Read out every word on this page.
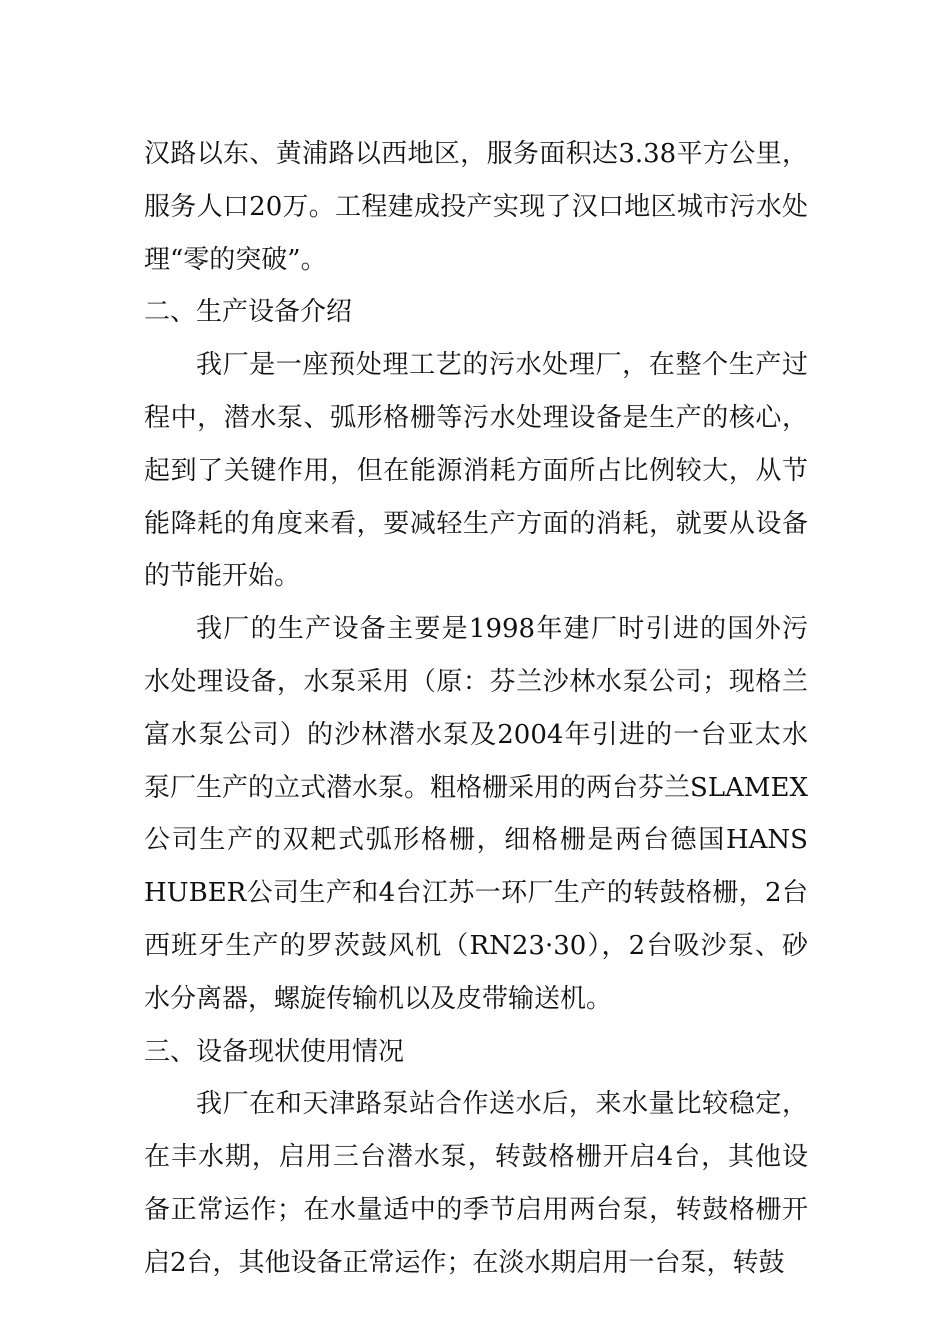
汉路以东、黄浦路以西地区，服务面积达3.38平方公里，服务人口20万。工程建成投产实现了汉口地区城市污水处理“零的突破”。

二、生产设备介绍

我厂是一座预处理工艺的污水处理厂，在整个生产过程中，潜水泵、弧形格栅等污水处理设备是生产的核心，起到了关键作用，但在能源消耗方面所占比例较大，从节能降耗的角度来看，要减轻生产方面的消耗，就要从设备的节能开始。

我厂的生产设备主要是1998年建厂时引进的国外污水处理设备，水泵采用（原：芬兰沙林水泵公司；现格兰富水泵公司）的沙林潜水泵及2004年引进的一台亚太水泵厂生产的立式潜水泵。粗格栅采用的两台芬兰SLAMEX公司生产的双耙式弧形格栅，细格栅是两台德国HANS HUBER公司生产和4台江苏一环厂生产的转鼓格栅，2台西班牙生产的罗茨鼓风机（RN23·30），2台吸沙泵、砂水分离器，螺旋传输机以及皮带输送机。

三、设备现状使用情况

我厂在和天津路泵站合作送水后，来水量比较稳定，在丰水期，启用三台潜水泵，转鼓格栅开启4台，其他设备正常运作；在水量适中的季节启用两台泵，转鼓格栅开启2台，其他设备正常运作；在淡水期启用一台泵，转鼓
